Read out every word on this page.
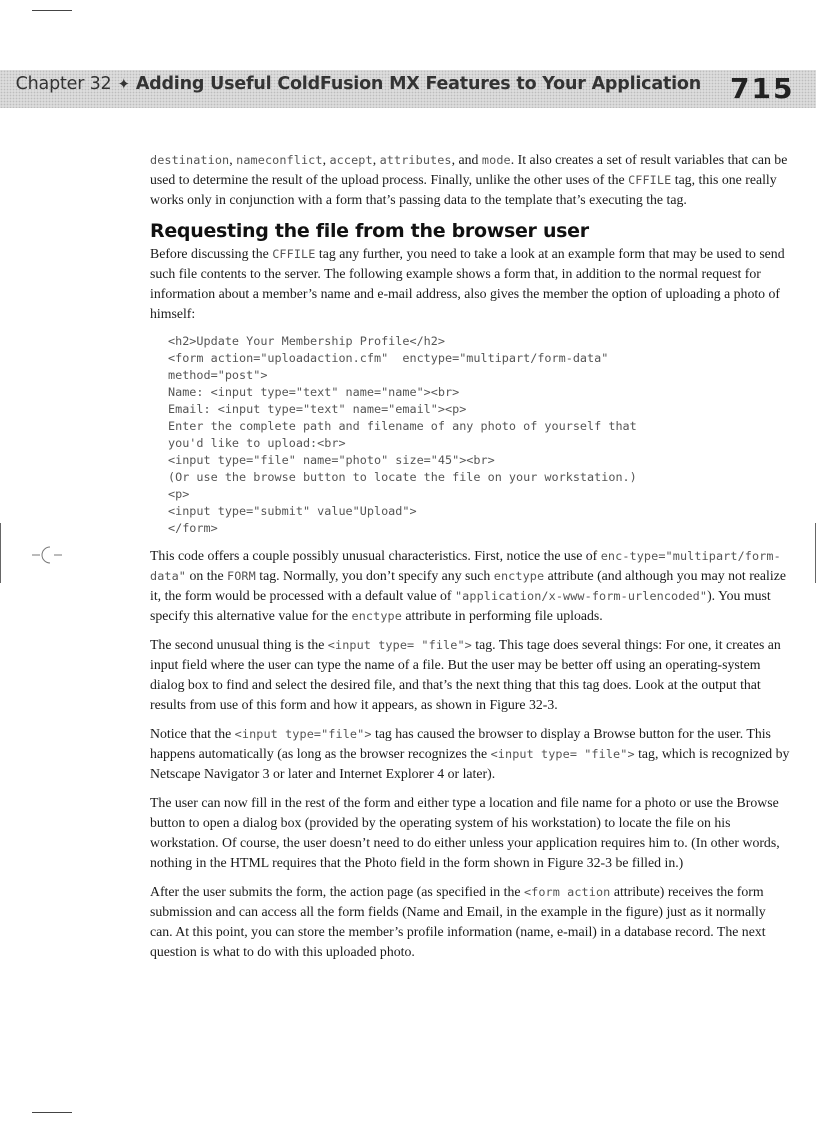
Chapter 32 ✦ Adding Useful ColdFusion MX Features to Your Application 715

destination, nameconflict, accept, attributes, and mode. It also creates a set of result variables that can be used to determine the result of the upload process. Finally, unlike the other uses of the CFFILE tag, this one really works only in conjunction with a form that’s passing data to the template that’s executing the tag.

Requesting the file from the browser user

Before discussing the CFFILE tag any further, you need to take a look at an example form that may be used to send such file contents to the server. The following example shows a form that, in addition to the normal request for information about a member’s name and e-mail address, also gives the member the option of uploading a photo of himself:

<h2>Update Your Membership Profile</h2>
<form action="uploadaction.cfm"  enctype="multipart/form-data"
method="post">
Name: <input type="text" name="name"><br>
Email: <input type="text" name="email"><p>
Enter the complete path and filename of any photo of yourself that
you'd like to upload:<br>
<input type="file" name="photo" size="45"><br>
(Or use the browse button to locate the file on your workstation.)
<p>
<input type="submit" value"Upload">
</form>

This code offers a couple possibly unusual characteristics. First, notice the use of enc-type="multipart/form-data" on the FORM tag. Normally, you don’t specify any such enctype attribute (and although you may not realize it, the form would be processed with a default value of "application/x-www-form-urlencoded"). You must specify this alternative value for the enctype attribute in performing file uploads.

The second unusual thing is the <input type= "file"> tag. This tage does several things: For one, it creates an input field where the user can type the name of a file. But the user may be better off using an operating-system dialog box to find and select the desired file, and that’s the next thing that this tag does. Look at the output that results from use of this form and how it appears, as shown in Figure 32-3.

Notice that the <input type="file"> tag has caused the browser to display a Browse button for the user. This happens automatically (as long as the browser recognizes the <input type= "file"> tag, which is recognized by Netscape Navigator 3 or later and Internet Explorer 4 or later).

The user can now fill in the rest of the form and either type a location and file name for a photo or use the Browse button to open a dialog box (provided by the operating system of his workstation) to locate the file on his workstation. Of course, the user doesn’t need to do either unless your application requires him to. (In other words, nothing in the HTML requires that the Photo field in the form shown in Figure 32-3 be filled in.)

After the user submits the form, the action page (as specified in the <form action attribute) receives the form submission and can access all the form fields (Name and Email, in the example in the figure) just as it normally can. At this point, you can store the member’s profile information (name, e-mail) in a database record. The next question is what to do with this uploaded photo.
